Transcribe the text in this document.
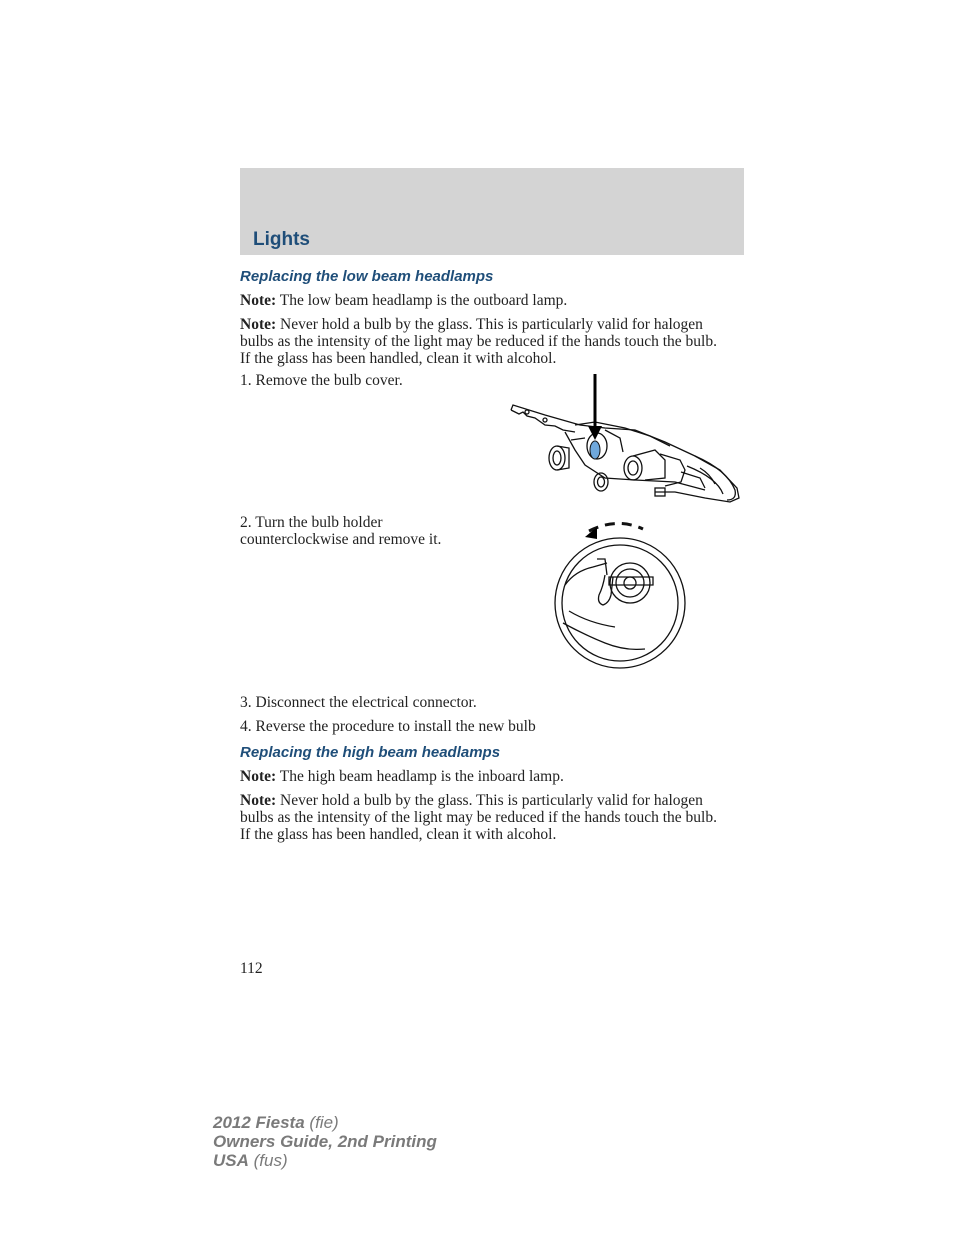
Lights
Replacing the low beam headlamps
Note: The low beam headlamp is the outboard lamp.
Note: Never hold a bulb by the glass. This is particularly valid for halogen bulbs as the intensity of the light may be reduced if the hands touch the bulb. If the glass has been handled, clean it with alcohol.
1. Remove the bulb cover.
2. Turn the bulb holder counterclockwise and remove it.
3. Disconnect the electrical connector.
4. Reverse the procedure to install the new bulb
Replacing the high beam headlamps
Note: The high beam headlamp is the inboard lamp.
Note: Never hold a bulb by the glass. This is particularly valid for halogen bulbs as the intensity of the light may be reduced if the hands touch the bulb. If the glass has been handled, clean it with alcohol.
112
2012 Fiesta (fie)
Owners Guide, 2nd Printing
USA (fus)
